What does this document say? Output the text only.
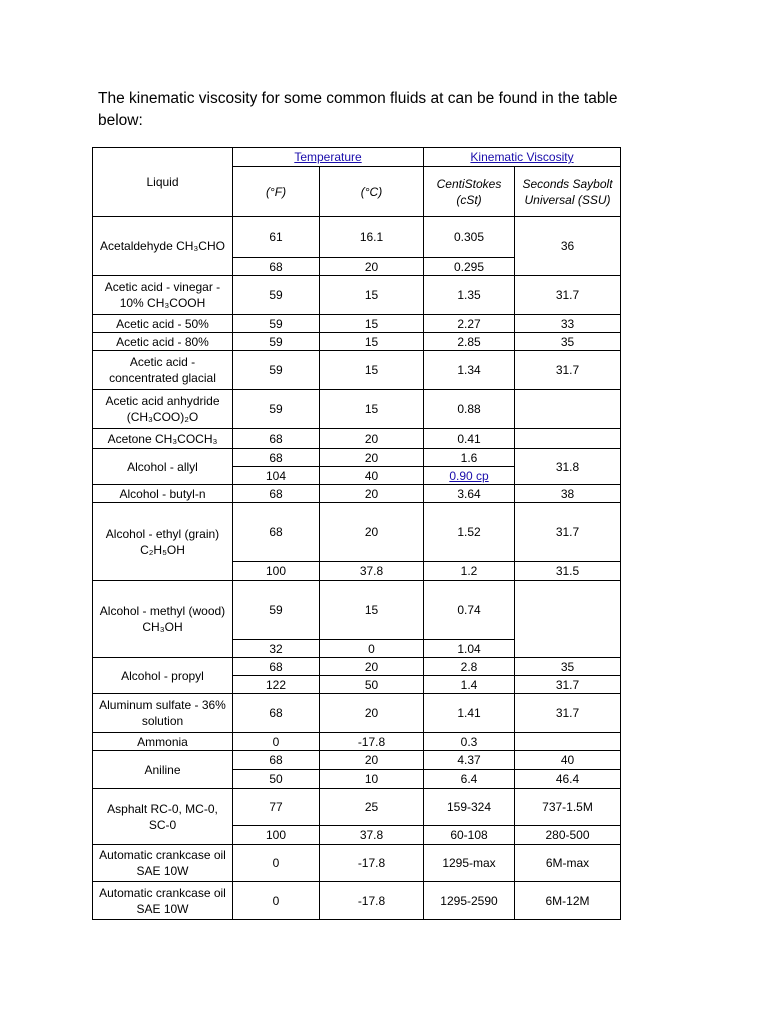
The kinematic viscosity for some common fluids at can be found in the table below:
Liquid	Temperature		Kinematic Viscosity	
	(°F)	(°C)	CentiStokes (cSt)	Seconds Saybolt Universal (SSU)
Acetaldehyde CH₃CHO	61	16.1	0.305	36
	68	20	0.295	
Acetic acid - vinegar - 10% CH₃COOH	59	15	1.35	31.7
Acetic acid - 50%	59	15	2.27	33
Acetic acid - 80%	59	15	2.85	35
Acetic acid - concentrated glacial	59	15	1.34	31.7
Acetic acid anhydride (CH₃COO)₂O	59	15	0.88	
Acetone CH₃COCH₃	68	20	0.41	
Alcohol - allyl	68	20	1.6	31.8
	104	40	0.90 cp	
Alcohol - butyl-n	68	20	3.64	38
Alcohol - ethyl (grain) C₂H₅OH	68	20	1.52	31.7
	100	37.8	1.2	31.5
Alcohol - methyl (wood) CH₃OH	59	15	0.74	
	32	0	1.04	
Alcohol - propyl	68	20	2.8	35
	122	50	1.4	31.7
Aluminum sulfate - 36% solution	68	20	1.41	31.7
Ammonia	0	-17.8	0.3	
Aniline	68	20	4.37	40
	50	10	6.4	46.4
Asphalt RC-0, MC-0, SC-0	77	25	159-324	737-1.5M
	100	37.8	60-108	280-500
Automatic crankcase oil SAE 10W	0	-17.8	1295-max	6M-max
Automatic crankcase oil SAE 10W	0	-17.8	1295-2590	6M-12M
